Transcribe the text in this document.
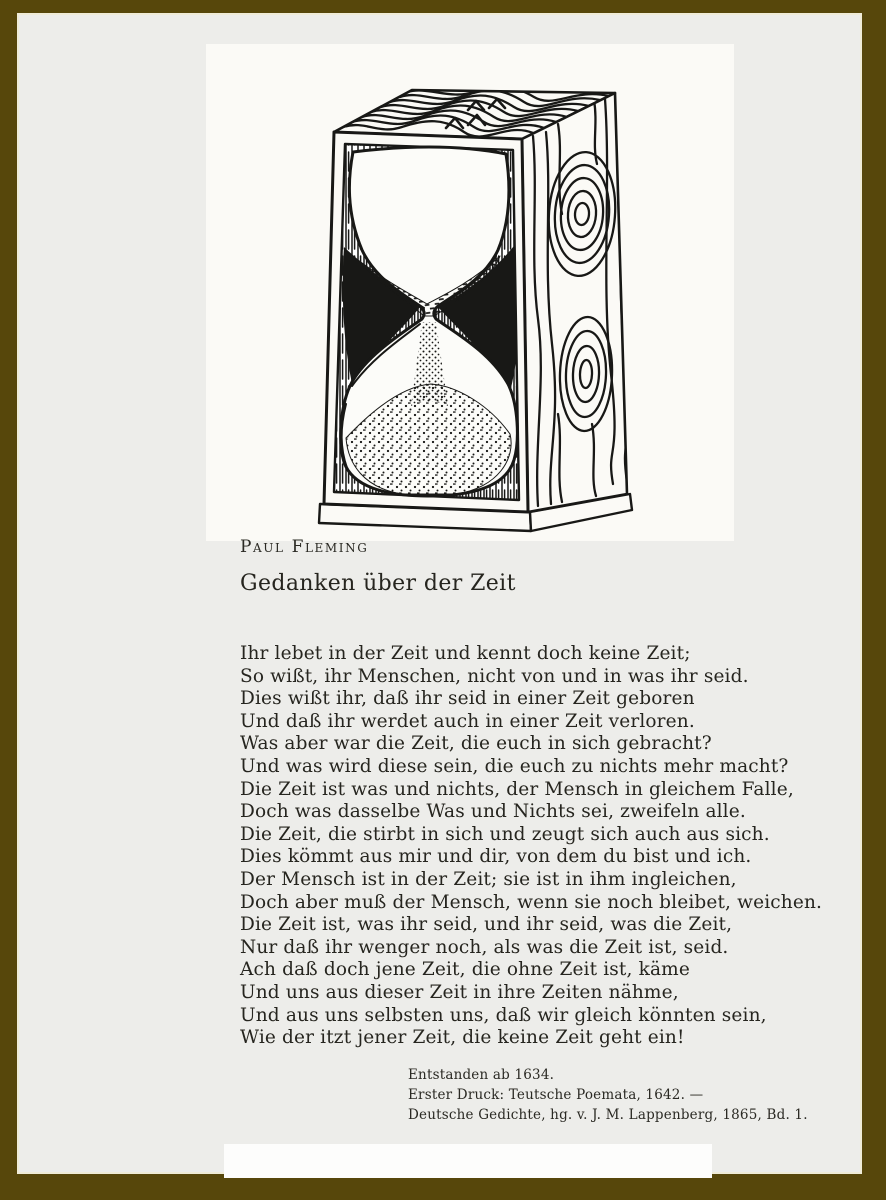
Paul Fleming
Gedanken über der Zeit
Ihr lebet in der Zeit und kennt doch keine Zeit;
So wißt, ihr Menschen, nicht von und in was ihr seid.
Dies wißt ihr, daß ihr seid in einer Zeit geboren
Und daß ihr werdet auch in einer Zeit verloren.
Was aber war die Zeit, die euch in sich gebracht?
Und was wird diese sein, die euch zu nichts mehr macht?
Die Zeit ist was und nichts, der Mensch in gleichem Falle,
Doch was dasselbe Was und Nichts sei, zweifeln alle.
Die Zeit, die stirbt in sich und zeugt sich auch aus sich.
Dies kömmt aus mir und dir, von dem du bist und ich.
Der Mensch ist in der Zeit; sie ist in ihm ingleichen,
Doch aber muß der Mensch, wenn sie noch bleibet, weichen.
Die Zeit ist, was ihr seid, und ihr seid, was die Zeit,
Nur daß ihr wenger noch, als was die Zeit ist, seid.
Ach daß doch jene Zeit, die ohne Zeit ist, käme
Und uns aus dieser Zeit in ihre Zeiten nähme,
Und aus uns selbsten uns, daß wir gleich könnten sein,
Wie der itzt jener Zeit, die keine Zeit geht ein!
Entstanden ab 1634.
Erster Druck: Teutsche Poemata, 1642. —
Deutsche Gedichte, hg. v. J. M. Lappenberg, 1865, Bd. 1.
